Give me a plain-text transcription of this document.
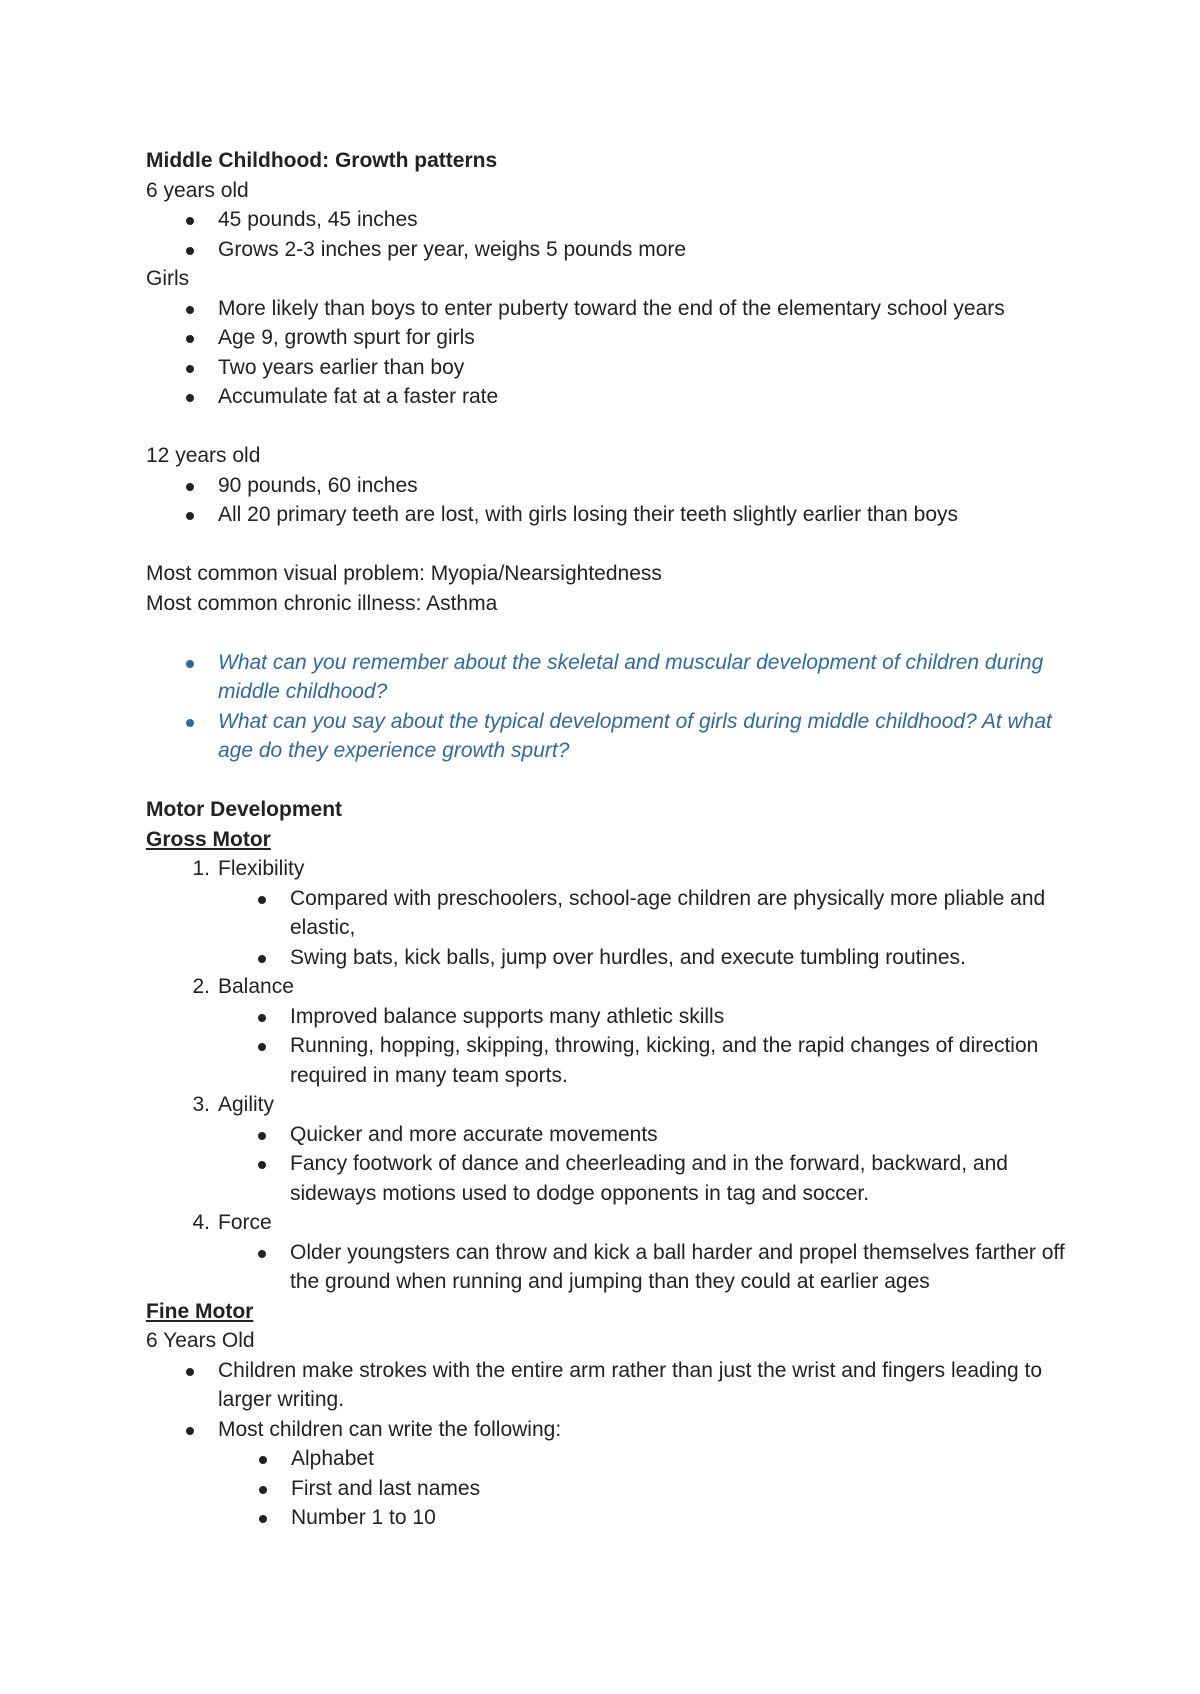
Middle Childhood: Growth patterns
6 years old
45 pounds, 45 inches
Grows 2-3 inches per year, weighs 5 pounds more
Girls
More likely than boys to enter puberty toward the end of the elementary school years
Age 9, growth spurt for girls
Two years earlier than boy
Accumulate fat at a faster rate
12 years old
90 pounds, 60 inches
All 20 primary teeth are lost, with girls losing their teeth slightly earlier than boys
Most common visual problem: Myopia/Nearsightedness
Most common chronic illness: Asthma
What can you remember about the skeletal and muscular development of children during middle childhood?
What can you say about the typical development of girls during middle childhood? At what age do they experience growth spurt?
Motor Development
Gross Motor
1. Flexibility
Compared with preschoolers, school-age children are physically more pliable and elastic,
Swing bats, kick balls, jump over hurdles, and execute tumbling routines.
2. Balance
Improved balance supports many athletic skills
Running, hopping, skipping, throwing, kicking, and the rapid changes of direction required in many team sports.
3. Agility
Quicker and more accurate movements
Fancy footwork of dance and cheerleading and in the forward, backward, and sideways motions used to dodge opponents in tag and soccer.
4. Force
Older youngsters can throw and kick a ball harder and propel themselves farther off the ground when running and jumping than they could at earlier ages
Fine Motor
6 Years Old
Children make strokes with the entire arm rather than just the wrist and fingers leading to larger writing.
Most children can write the following:
Alphabet
First and last names
Number 1 to 10
